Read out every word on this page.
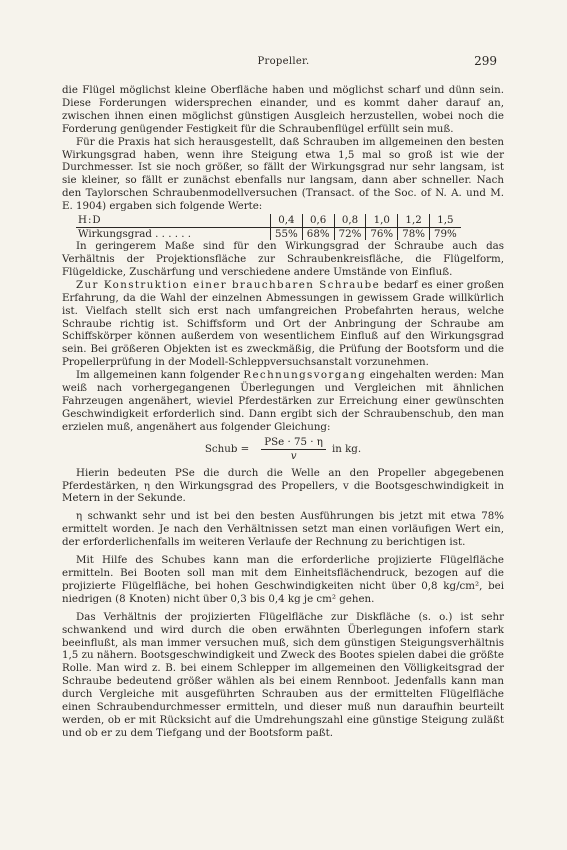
Propeller.	299

die Flügel möglichst kleine Oberfläche haben und möglichst scharf und dünn sein. Diese Forderungen widersprechen einander, und es kommt daher darauf an, zwischen ihnen einen möglichst günstigen Ausgleich herzustellen, wobei noch die Forderung genügender Festigkeit für die Schraubenflügel erfüllt sein muß.

Für die Praxis hat sich herausgestellt, daß Schrauben im allgemeinen den besten Wirkungsgrad haben, wenn ihre Steigung etwa 1,5 mal so groß ist wie der Durchmesser. Ist sie noch größer, so fällt der Wirkungsgrad nur sehr langsam, ist sie kleiner, so fällt er zunächst ebenfalls nur langsam, dann aber schneller. Nach den Taylorschen Schraubenmodellversuchen (Transact. of the Soc. of N. A. und M. E. 1904) ergaben sich folgende Werte:

H:D	0,4	0,6	0,8	1,0	1,2	1,5
Wirkungsgrad . . . . . .	55%	68%	72%	76%	78%	79%

In geringerem Maße sind für den Wirkungsgrad der Schraube auch das Verhältnis der Projektionsfläche zur Schraubenkreisfläche, die Flügelform, Flügeldicke, Zuschärfung und verschiedene andere Umstände von Einfluß.

Zur Konstruktion einer brauchbaren Schraube bedarf es einer großen Erfahrung, da die Wahl der einzelnen Abmessungen in gewissem Grade willkürlich ist. Vielfach stellt sich erst nach umfangreichen Probefahrten heraus, welche Schraube richtig ist. Schiffsform und Ort der Anbringung der Schraube am Schiffskörper können außerdem von wesentlichem Einfluß auf den Wirkungsgrad sein. Bei größeren Objekten ist es zweckmäßig, die Prüfung der Bootsform und die Propellerprüfung in der Modell-Schleppversuchsanstalt vorzunehmen.

Im allgemeinen kann folgender Rechnungsvorgang eingehalten werden: Man weiß nach vorhergegangenen Überlegungen und Vergleichen mit ähnlichen Fahrzeugen angenähert, wieviel Pferdestärken zur Erreichung einer gewünschten Geschwindigkeit erforderlich sind. Dann ergibt sich der Schraubenschub, den man erzielen muß, angenähert aus folgender Gleichung:

Schub = $\frac{\text{PSe · 75 · η}}{v}$ in kg.

Hierin bedeuten PSe die durch die Welle an den Propeller abgegebenen Pferdestärken, η den Wirkungsgrad des Propellers, v die Bootsgeschwindigkeit in Metern in der Sekunde.

η schwankt sehr und ist bei den besten Ausführungen bis jetzt mit etwa 78% ermittelt worden. Je nach den Verhältnissen setzt man einen vorläufigen Wert ein, der erforderlichenfalls im weiteren Verlaufe der Rechnung zu berichtigen ist.

Mit Hilfe des Schubes kann man die erforderliche projizierte Flügelfläche ermitteln. Bei Booten soll man mit dem Einheitsflächendruck, bezogen auf die projizierte Flügelfläche, bei hohen Geschwindigkeiten nicht über 0,8 kg/cm², bei niedrigen (8 Knoten) nicht über 0,3 bis 0,4 kg je cm² gehen.

Das Verhältnis der projizierten Flügelfläche zur Diskfläche (s. o.) ist sehr schwankend und wird durch die oben erwähnten Überlegungen infofern stark beeinflußt, als man immer versuchen muß, sich dem günstigen Steigungsverhältnis 1,5 zu nähern. Bootsgeschwindigkeit und Zweck des Bootes spielen dabei die größte Rolle. Man wird z. B. bei einem Schlepper im allgemeinen den Völligkeitsgrad der Schraube bedeutend größer wählen als bei einem Rennboot. Jedenfalls kann man durch Vergleiche mit ausgeführten Schrauben aus der ermittelten Flügelfläche einen Schraubendurchmesser ermitteln, und dieser muß nun daraufhin beurteilt werden, ob er mit Rücksicht auf die Umdrehungszahl eine günstige Steigung zuläßt und ob er zu dem Tiefgang und der Bootsform paßt.
